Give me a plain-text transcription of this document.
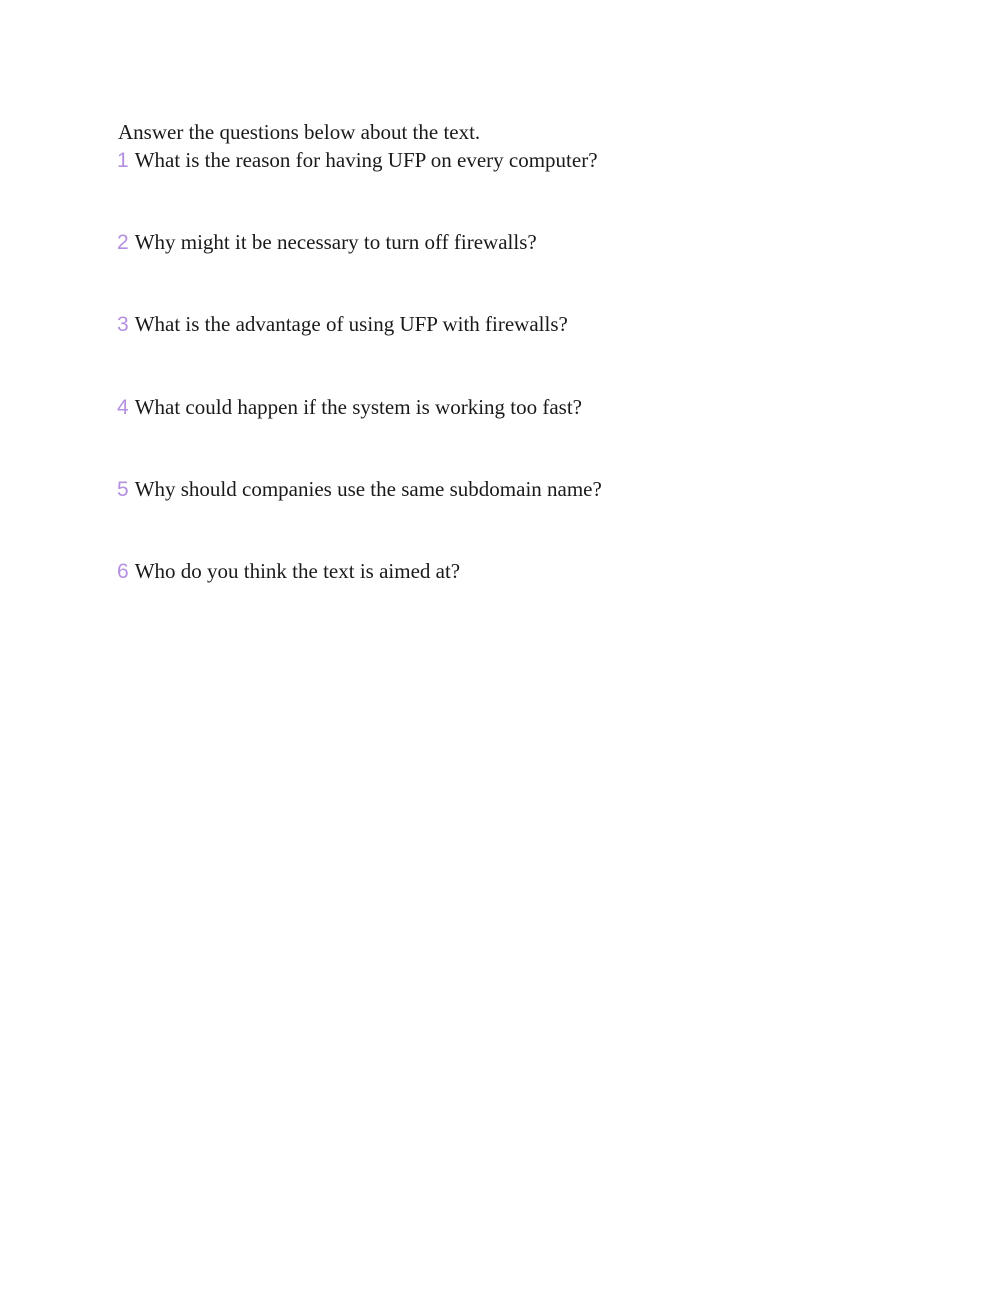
Answer the questions below about the text.
1 What is the reason for having UFP on every computer?
2 Why might it be necessary to turn off firewalls?
3 What is the advantage of using UFP with firewalls?
4 What could happen if the system is working too fast?
5 Why should companies use the same subdomain name?
6 Who do you think the text is aimed at?
